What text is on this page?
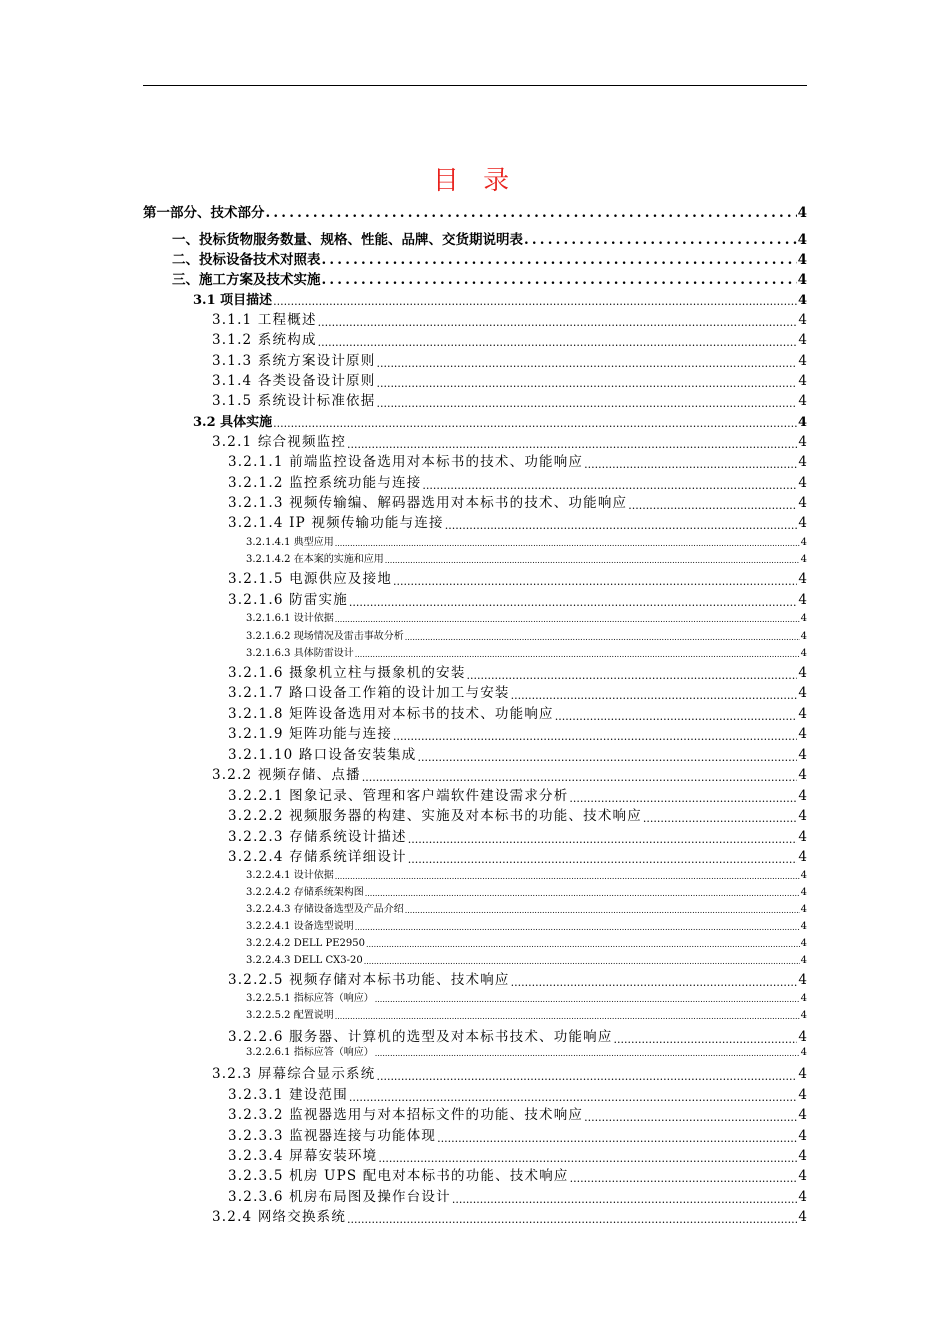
目 录
第一部分、技术部分 .....	4
一、投标货物服务数量、规格、性能、品牌、交货期说明表 .....	4
二、投标设备技术对照表 .....	4
三、施工方案及技术实施 .....	4
3.1 项目描述 .....	4
3.1.1 工程概述 .....	4
3.1.2 系统构成 .....	4
3.1.3 系统方案设计原则 .....	4
3.1.4 各类设备设计原则 .....	4
3.1.5 系统设计标准依据 .....	4
3.2 具体实施 .....	4
3.2.1 综合视频监控 .....	4
3.2.1.1 前端监控设备选用对本标书的技术、功能响应 .....	4
3.2.1.2 监控系统功能与连接 .....	4
3.2.1.3 视频传输编、解码器选用对本标书的技术、功能响应 .....	4
3.2.1.4 IP 视频传输功能与连接 .....	4
3.2.1.4.1 典型应用 .....	4
3.2.1.4.2 在本案的实施和应用 .....	4
3.2.1.5 电源供应及接地 .....	4
3.2.1.6 防雷实施 .....	4
3.2.1.6.1 设计依据 .....	4
3.2.1.6.2 现场情况及雷击事故分析 .....	4
3.2.1.6.3 具体防雷设计 .....	4
3.2.1.6 摄象机立柱与摄象机的安装 .....	4
3.2.1.7 路口设备工作箱的设计加工与安装 .....	4
3.2.1.8 矩阵设备选用对本标书的技术、功能响应 .....	4
3.2.1.9 矩阵功能与连接 .....	4
3.2.1.10 路口设备安装集成 .....	4
3.2.2 视频存储、点播 .....	4
3.2.2.1 图象记录、管理和客户端软件建设需求分析 .....	4
3.2.2.2 视频服务器的构建、实施及对本标书的功能、技术响应 .....	4
3.2.2.3 存储系统设计描述 .....	4
3.2.2.4 存储系统详细设计 .....	4
3.2.2.4.1 设计依据 .....	4
3.2.2.4.2 存储系统架构图 .....	4
3.2.2.4.3 存储设备选型及产品介绍 .....	4
3.2.2.4.1 设备选型说明 .....	4
3.2.2.4.2 DELL PE2950 .....	4
3.2.2.4.3 DELL CX3-20 .....	4
3.2.2.5 视频存储对本标书功能、技术响应 .....	4
3.2.2.5.1 指标应答（响应） .....	4
3.2.2.5.2 配置说明 .....	4
3.2.2.6 服务器、计算机的选型及对本标书技术、功能响应 .....	4
3.2.2.6.1 指标应答（响应） .....	4
3.2.3 屏幕综合显示系统 .....	4
3.2.3.1 建设范围 .....	4
3.2.3.2 监视器选用与对本招标文件的功能、技术响应 .....	4
3.2.3.3 监视器连接与功能体现 .....	4
3.2.3.4 屏幕安装环境 .....	4
3.2.3.5 机房 UPS 配电对本标书的功能、技术响应 .....	4
3.2.3.6 机房布局图及操作台设计 .....	4
3.2.4 网络交换系统 .....	4
